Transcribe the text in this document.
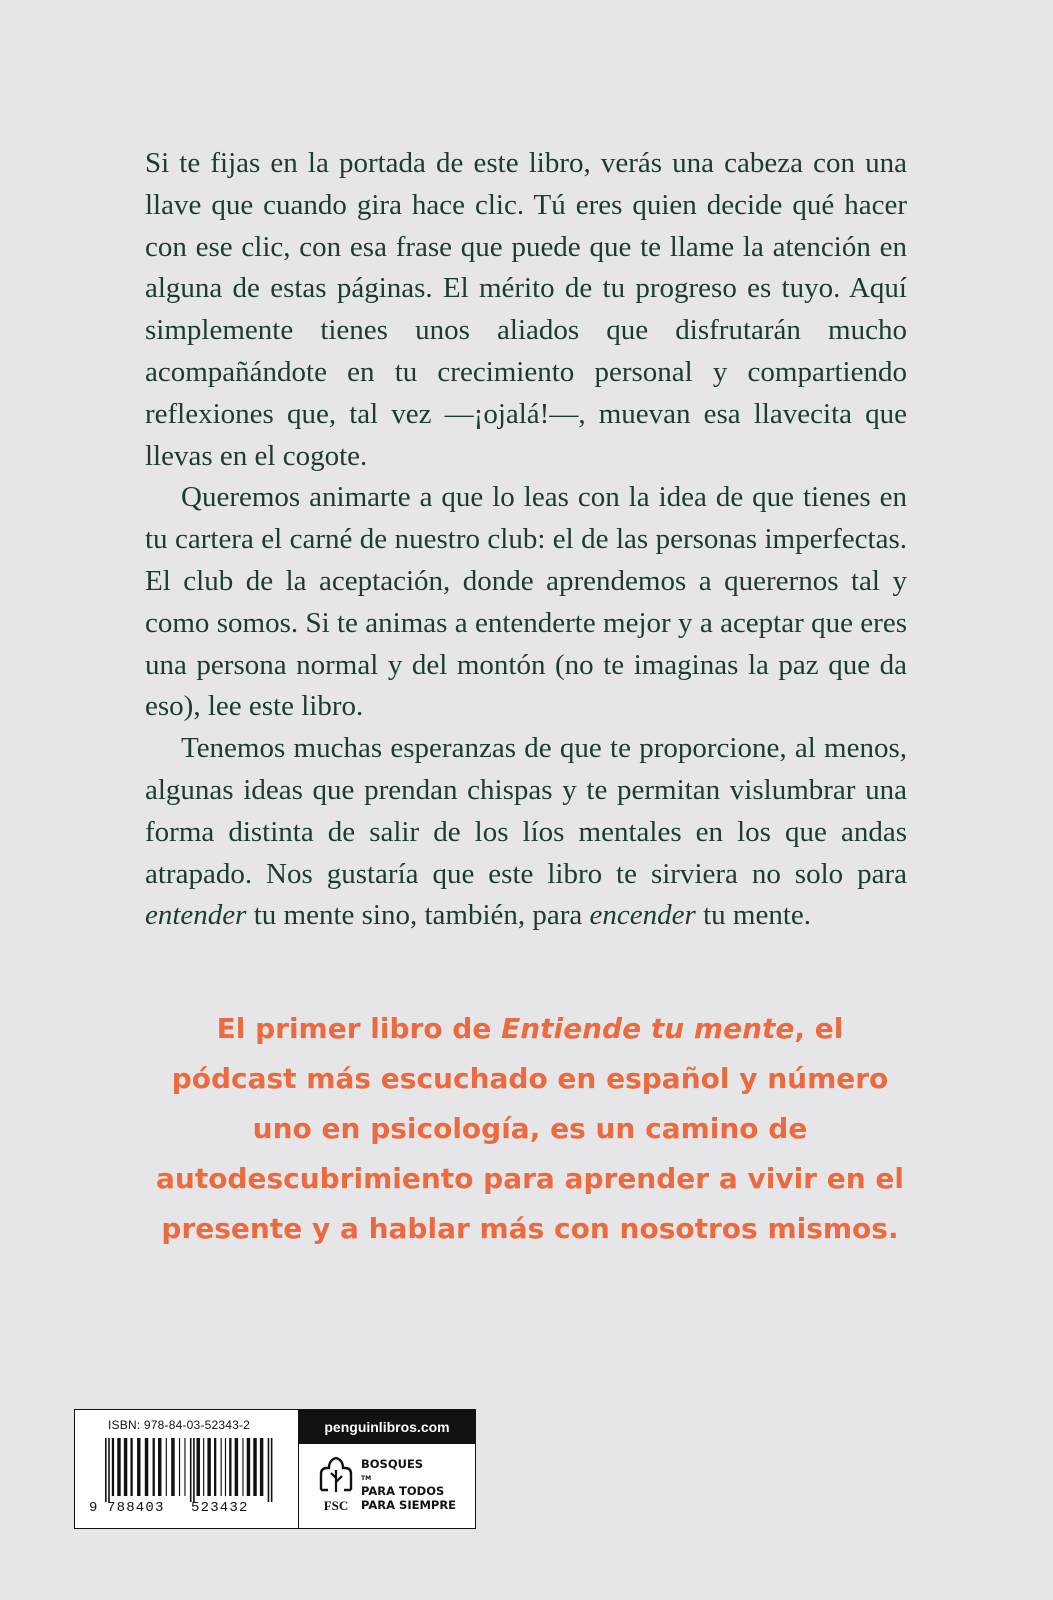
Si te fijas en la portada de este libro, verás una cabeza con una llave que cuando gira hace clic. Tú eres quien decide qué hacer con ese clic, con esa frase que puede que te llame la atención en alguna de estas páginas. El mérito de tu progreso es tuyo. Aquí simplemente tienes unos aliados que disfrutarán mucho acompañándote en tu crecimiento personal y compartiendo reflexiones que, tal vez —¡ojalá!—, muevan esa llavecita que llevas en el cogote.

Queremos animarte a que lo leas con la idea de que tienes en tu cartera el carné de nuestro club: el de las personas imperfectas. El club de la aceptación, donde aprendemos a querernos tal y como somos. Si te animas a entenderte mejor y a aceptar que eres una persona normal y del montón (no te imaginas la paz que da eso), lee este libro.

Tenemos muchas esperanzas de que te proporcione, al menos, algunas ideas que prendan chispas y te permitan vislumbrar una forma distinta de salir de los líos mentales en los que andas atrapado. Nos gustaría que este libro te sirviera no solo para entender tu mente sino, también, para encender tu mente.

El primer libro de Entiende tu mente, el pódcast más escuchado en español y número uno en psicología, es un camino de autodescubrimiento para aprender a vivir en el presente y a hablar más con nosotros mismos.
ISBN: 978-84-03-52343-2
9 788403 523432
penguinlibros.com
FSC
BOSQUES
TM
PARA TODOS
PARA SIEMPRE
